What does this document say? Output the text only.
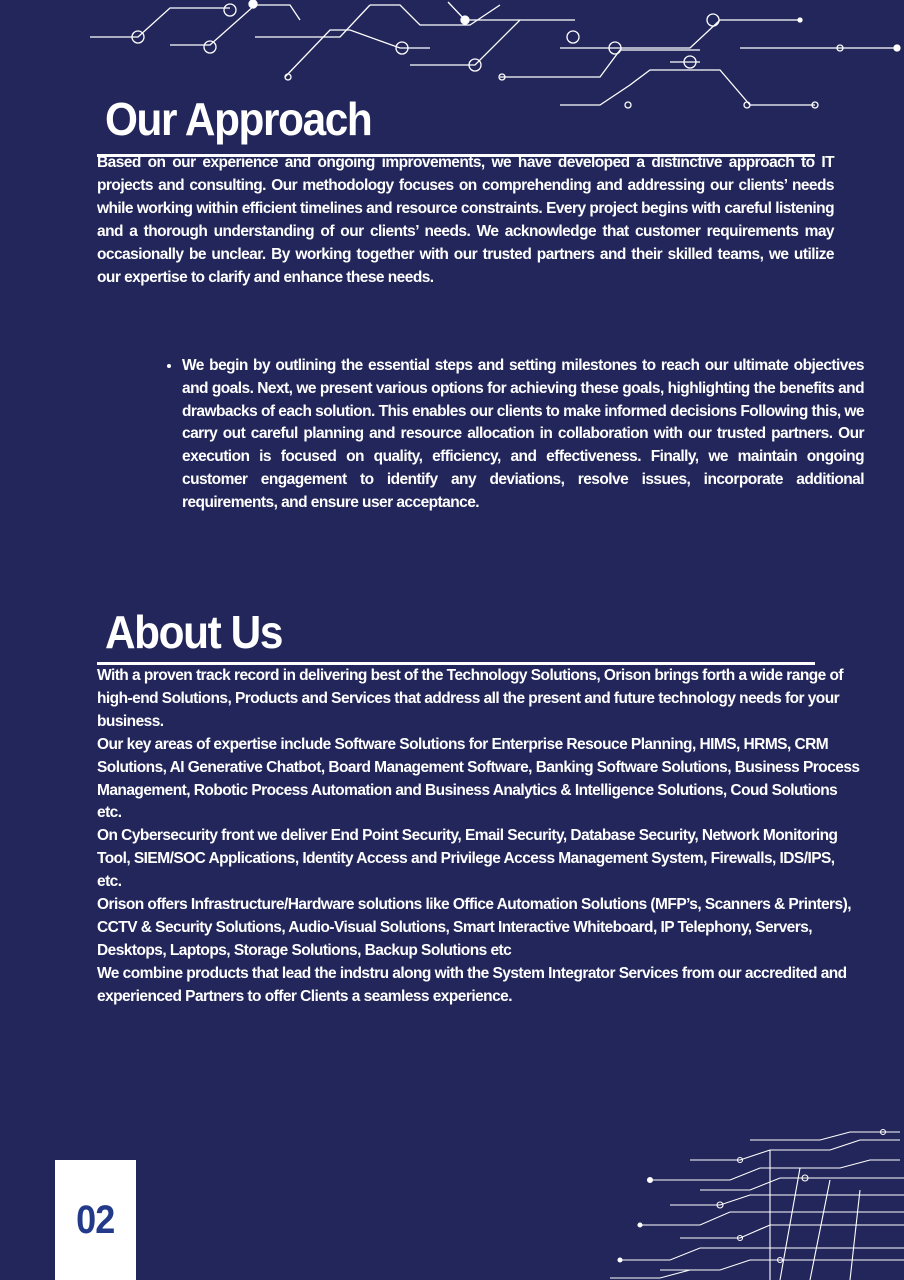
Our Approach

Based on our experience and ongoing improvements, we have developed a distinctive approach to IT projects and consulting. Our methodology focuses on comprehending and addressing our clients’ needs while working within efficient timelines and resource constraints. Every project begins with careful listening and a thorough understanding of our clients’ needs. We acknowledge that customer requirements may occasionally be unclear. By working together with our trusted partners and their skilled teams, we utilize our expertise to clarify and enhance these needs.

• We begin by outlining the essential steps and setting milestones to reach our ultimate objectives and goals. Next, we present various options for achieving these goals, highlighting the benefits and drawbacks of each solution. This enables our clients to make informed decisions Following this, we carry out careful planning and resource allocation in collaboration with our trusted partners. Our execution is focused on quality, efficiency, and effectiveness. Finally, we maintain ongoing customer engagement to identify any deviations, resolve issues, incorporate additional requirements, and ensure user acceptance.
About Us

With a proven track record in delivering best of the Technology Solutions, Orison brings forth a wide range of high-end Solutions, Products and Services that address all the present and future technology needs for your business.

Our key areas of expertise include Software Solutions for Enterprise Resouce Planning, HIMS, HRMS, CRM Solutions, AI Generative Chatbot, Board Management Software, Banking Software Solutions, Business Process Management, Robotic Process Automation and Business Analytics & Intelligence Solutions, Coud Solutions etc.

On Cybersecurity front we deliver End Point Security, Email Security, Database Security, Network Monitoring Tool, SIEM/SOC Applications, Identity Access and Privilege Access Management System, Firewalls, IDS/IPS, etc.

Orison offers Infrastructure/Hardware solutions like Office Automation Solutions (MFP’s, Scanners & Printers), CCTV & Security Solutions, Audio-Visual Solutions, Smart Interactive Whiteboard, IP Telephony, Servers, Desktops, Laptops, Storage Solutions, Backup Solutions etc

We combine products that lead the indstru along with the System Integrator Services from our accredited and experienced Partners to offer Clients a seamless experience.

02
